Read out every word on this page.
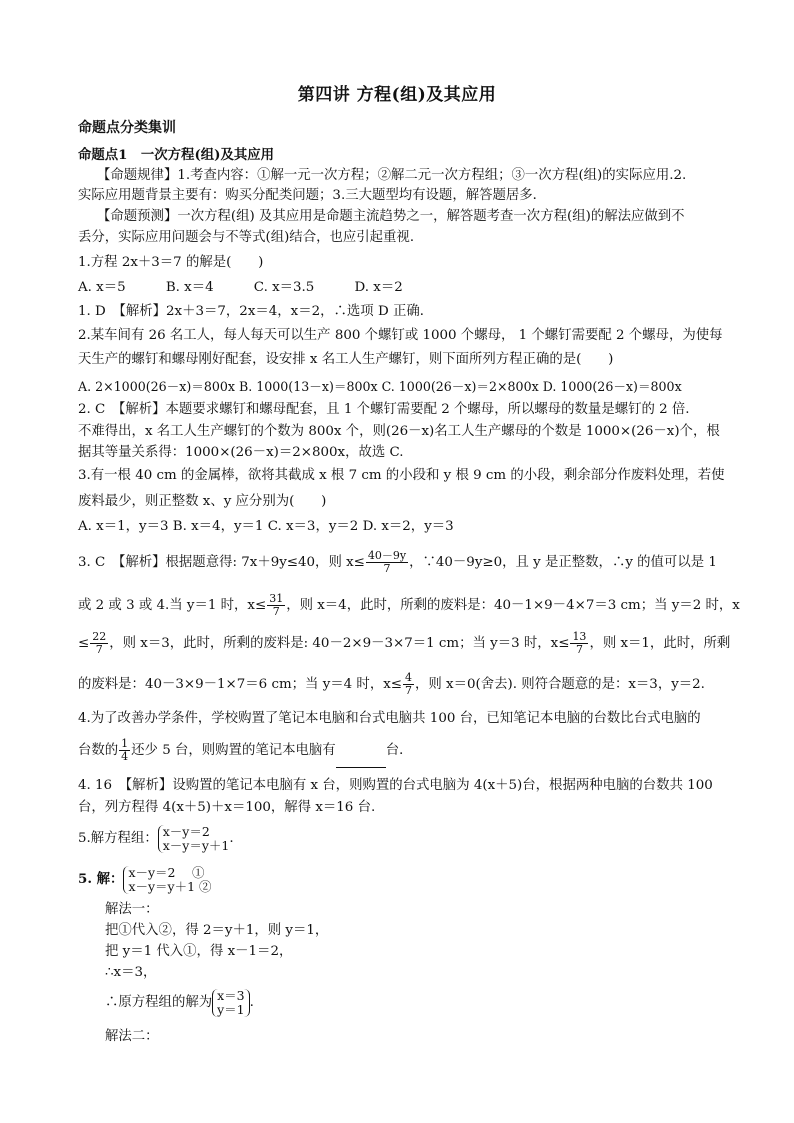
第四讲 方程(组)及其应用
命题点分类集训
命题点1　一次方程(组)及其应用
【命题规律】1.考查内容：①解一元一次方程；②解二元一次方程组；③一次方程(组)的实际应用.2.
实际应用题背景主要有：购买分配类问题；3.三大题型均有设题，解答题居多．
【命题预测】一次方程(组) 及其应用是命题主流趋势之一，解答题考查一次方程(组)的解法应做到不
丢分，实际应用问题会与不等式(组)结合，也应引起重视．
1.方程 2x＋3＝7 的解是(　　)
A. x＝5　　　B. x＝4　　　C. x＝3.5　　　D. x＝2
1. D　【解析】2x＋3＝7，2x＝4，x＝2，∴选项 D 正确．
2.某车间有 26 名工人，每人每天可以生产 800 个螺钉或 1000 个螺母， 1 个螺钉需要配 2 个螺母，为使每
天生产的螺钉和螺母刚好配套，设安排 x 名工人生产螺钉，则下面所列方程正确的是(　　)
A. 2×1000(26－x)＝800x B. 1000(13－x)＝800x C. 1000(26－x)＝2×800x D. 1000(26－x)＝800x
2. C　【解析】本题要求螺钉和螺母配套，且 1 个螺钉需要配 2 个螺母，所以螺母的数量是螺钉的 2 倍.
不难得出，x 名工人生产螺钉的个数为 800x 个，则(26－x)名工人生产螺母的个数是 1000×(26－x)个，根
据其等量关系得：1000×(26－x)＝2×800x，故选 C.
3.有一根 40 cm 的金属棒，欲将其截成 x 根 7 cm 的小段和 y 根 9 cm 的小段，剩余部分作废料处理，若使
废料最少，则正整数 x、y 应分别为(　　)
A. x＝1，y＝3 B. x＝4，y＝1 C. x＝3，y＝2 D. x＝2，y＝3
3. C　【解析】根据题意得: 7x＋9y≤40，则 $x\le \frac{40-9y}{7}$ ，∵40－9y≥0，且 y 是正整数，∴y 的值可以是 1
或 2 或 3 或 4.当 y＝1 时，$x\le \frac{31}{7}$ ，则 x＝4，此时，所剩的废料是：40－1×9－4×7＝3 cm；当 y＝2 时，x
≤ $\frac{22}{7}$ ，则 x＝3，此时，所剩的废料是: 40－2×9－3×7＝1 cm；当 y＝3 时，$x\le \frac{13}{7}$ ，则 x＝1，此时，所剩
的废料是：40－3×9－1×7＝6 cm；当 y＝4 时，$x\le \frac{4}{7}$ ，则 x＝0(舍去). 则符合题意的是：x＝3，y＝2.
4.为了改善办学条件，学校购置了笔记本电脑和台式电脑共 100 台，已知笔记本电脑的台数比台式电脑的
台数的 $\frac{1}{4}$ 还少 5 台，则购置的笔记本电脑有	台．
4. 16　【解析】设购置的笔记本电脑有 x 台，则购置的台式电脑为 4(x＋5)台，根据两种电脑的台数共 100
台，列方程得 4(x＋5)＋x＝100，解得 x＝16 台.
5.解方程组： x－y＝2
x－y＝y＋1.
5. 解： x－y＝2　 ①
x－y＝y＋1 ②
解法一：
把①代入②，得 2＝y＋1，则 y＝1，
把 y＝1 代入①，得 x－1＝2，
∴x＝3，
∴原方程组的解为 x＝3
y＝1 .
解法二：
